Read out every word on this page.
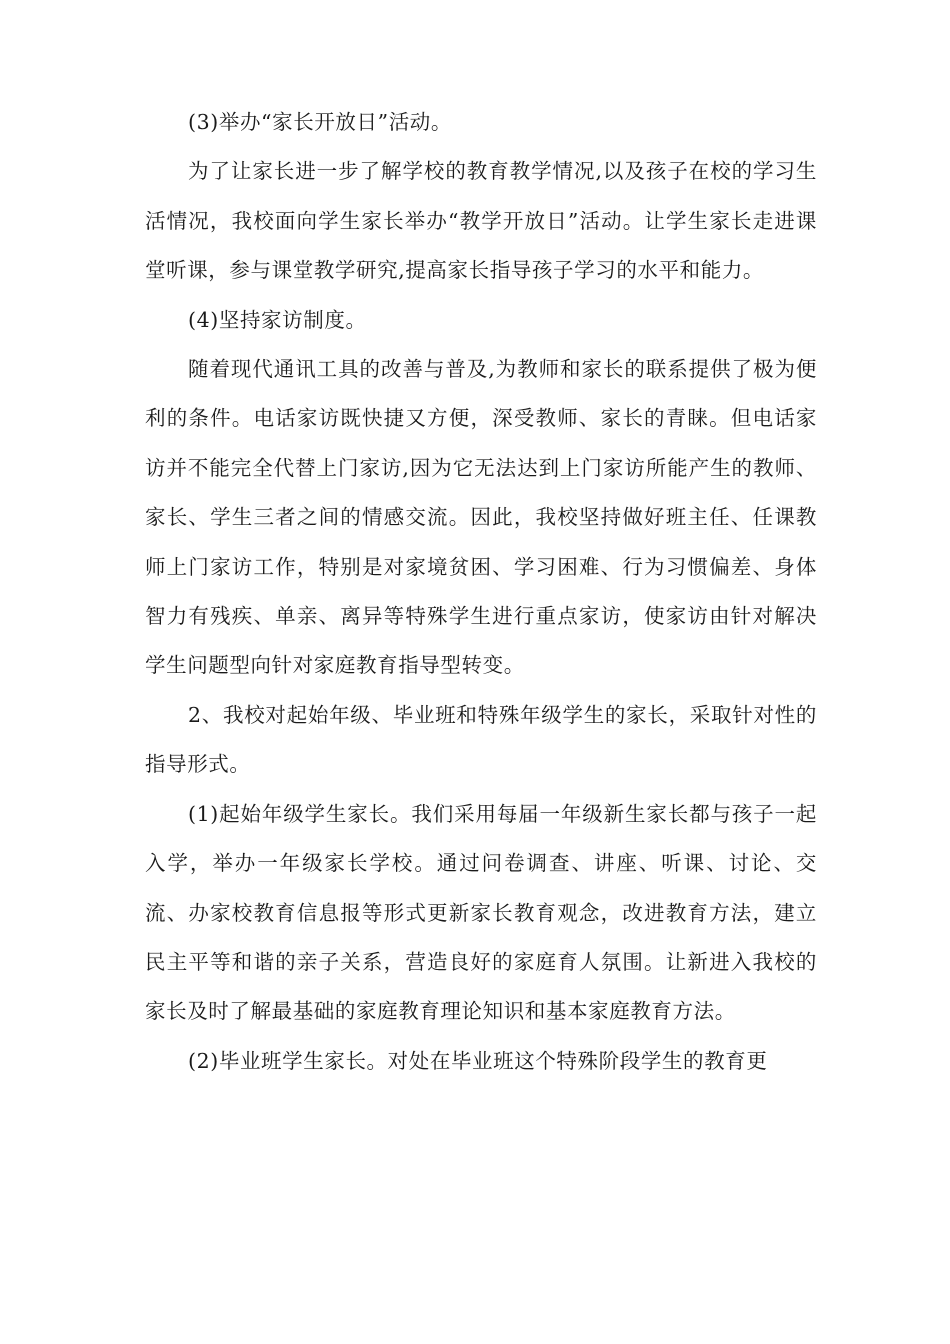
(3)举办“家长开放日”活动。

为了让家长进一步了解学校的教育教学情况,以及孩子在校的学习生活情况，我校面向学生家长举办“教学开放日”活动。让学生家长走进课堂听课，参与课堂教学研究,提高家长指导孩子学习的水平和能力。

(4)坚持家访制度。

随着现代通讯工具的改善与普及,为教师和家长的联系提供了极为便利的条件。电话家访既快捷又方便，深受教师、家长的青睐。但电话家访并不能完全代替上门家访,因为它无法达到上门家访所能产生的教师、家长、学生三者之间的情感交流。因此，我校坚持做好班主任、任课教师上门家访工作，特别是对家境贫困、学习困难、行为习惯偏差、身体智力有残疾、单亲、离异等特殊学生进行重点家访，使家访由针对解决学生问题型向针对家庭教育指导型转变。

2、我校对起始年级、毕业班和特殊年级学生的家长，采取针对性的指导形式。

(1)起始年级学生家长。我们采用每届一年级新生家长都与孩子一起入学，举办一年级家长学校。通过问卷调查、讲座、听课、讨论、交流、办家校教育信息报等形式更新家长教育观念，改进教育方法，建立民主平等和谐的亲子关系，营造良好的家庭育人氛围。让新进入我校的家长及时了解最基础的家庭教育理论知识和基本家庭教育方法。

(2)毕业班学生家长。对处在毕业班这个特殊阶段学生的教育更
